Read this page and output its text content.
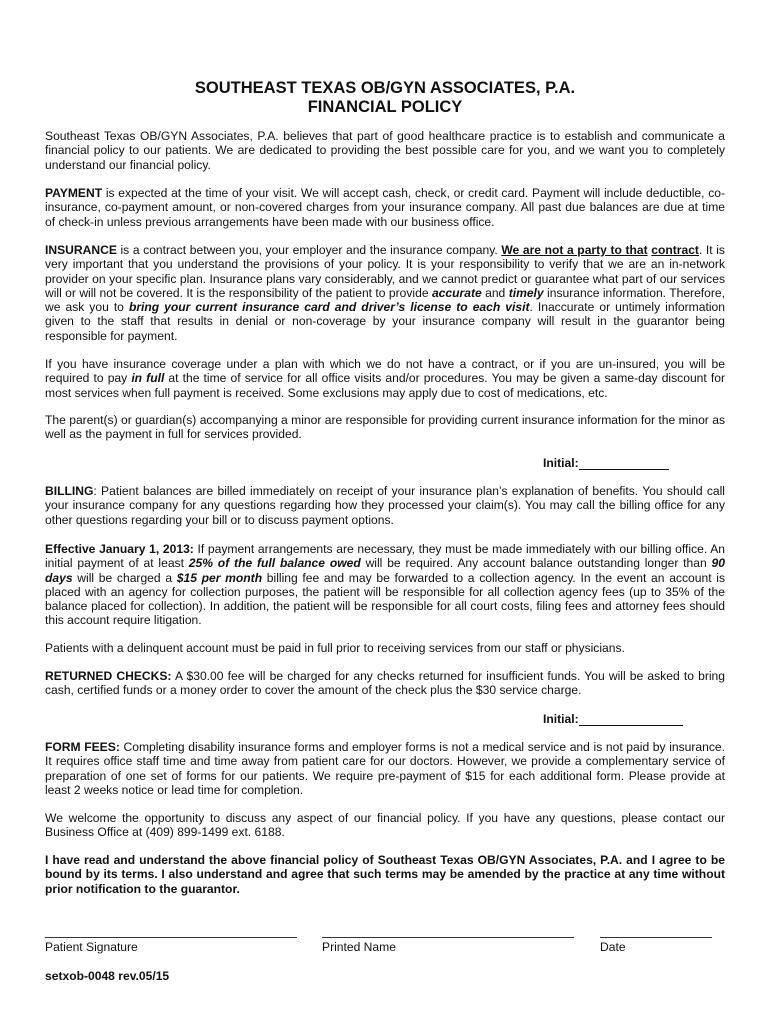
SOUTHEAST TEXAS OB/GYN ASSOCIATES, P.A.
FINANCIAL POLICY
Southeast Texas OB/GYN Associates, P.A. believes that part of good healthcare practice is to establish and communicate a financial policy to our patients. We are dedicated to providing the best possible care for you, and we want you to completely understand our financial policy.
PAYMENT is expected at the time of your visit. We will accept cash, check, or credit card. Payment will include deductible, co-insurance, co-payment amount, or non-covered charges from your insurance company. All past due balances are due at time of check-in unless previous arrangements have been made with our business office.
INSURANCE is a contract between you, your employer and the insurance company. We are not a party to that contract. It is very important that you understand the provisions of your policy. It is your responsibility to verify that we are an in-network provider on your specific plan. Insurance plans vary considerably, and we cannot predict or guarantee what part of our services will or will not be covered. It is the responsibility of the patient to provide accurate and timely insurance information. Therefore, we ask you to bring your current insurance card and driver’s license to each visit. Inaccurate or untimely information given to the staff that results in denial or non-coverage by your insurance company will result in the guarantor being responsible for payment.
If you have insurance coverage under a plan with which we do not have a contract, or if you are un-insured, you will be required to pay in full at the time of service for all office visits and/or procedures. You may be given a same-day discount for most services when full payment is received. Some exclusions may apply due to cost of medications, etc.
The parent(s) or guardian(s) accompanying a minor are responsible for providing current insurance information for the minor as well as the payment in full for services provided.
Initial:
BILLING: Patient balances are billed immediately on receipt of your insurance plan’s explanation of benefits. You should call your insurance company for any questions regarding how they processed your claim(s). You may call the billing office for any other questions regarding your bill or to discuss payment options.
Effective January 1, 2013: If payment arrangements are necessary, they must be made immediately with our billing office. An initial payment of at least 25% of the full balance owed will be required. Any account balance outstanding longer than 90 days will be charged a $15 per month billing fee and may be forwarded to a collection agency. In the event an account is placed with an agency for collection purposes, the patient will be responsible for all collection agency fees (up to 35% of the balance placed for collection). In addition, the patient will be responsible for all court costs, filing fees and attorney fees should this account require litigation.
Patients with a delinquent account must be paid in full prior to receiving services from our staff or physicians.
RETURNED CHECKS: A $30.00 fee will be charged for any checks returned for insufficient funds. You will be asked to bring cash, certified funds or a money order to cover the amount of the check plus the $30 service charge.
Initial:
FORM FEES: Completing disability insurance forms and employer forms is not a medical service and is not paid by insurance. It requires office staff time and time away from patient care for our doctors. However, we provide a complementary service of preparation of one set of forms for our patients. We require pre-payment of $15 for each additional form. Please provide at least 2 weeks notice or lead time for completion.
We welcome the opportunity to discuss any aspect of our financial policy. If you have any questions, please contact our Business Office at (409) 899-1499 ext. 6188.
I have read and understand the above financial policy of Southeast Texas OB/GYN Associates, P.A. and I agree to be bound by its terms. I also understand and agree that such terms may be amended by the practice at any time without prior notification to the guarantor.
Patient Signature	Printed Name	Date
setxob-0048 rev.05/15
